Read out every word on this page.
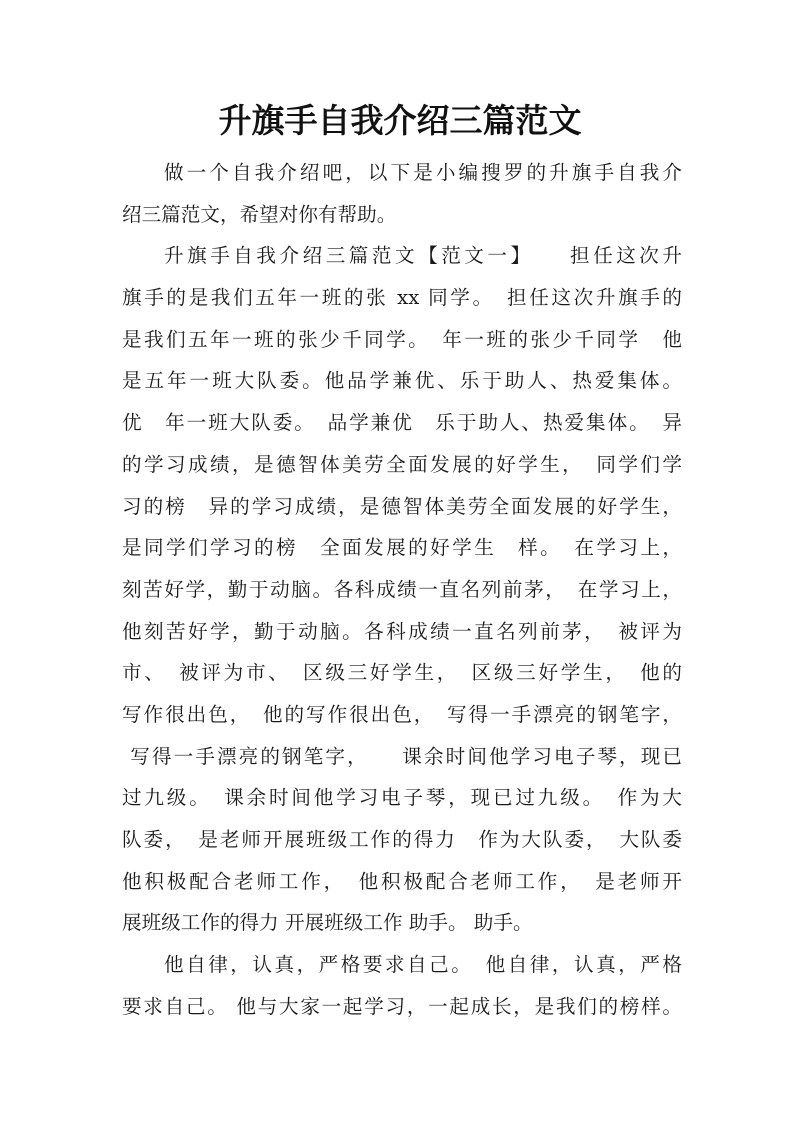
升旗手自我介绍三篇范文
做一个自我介绍吧，以下是小编搜罗的升旗手自我介
绍三篇范文，希望对你有帮助。
升旗手自我介绍三篇范文【范文一】　　担任这次升
旗手的是我们五年一班的张 xx 同学。　担任这次升旗手的
是我们五年一班的张少千同学。　年一班的张少千同学　他
是五年一班大队委。他品学兼优、乐于助人、热爱集体。
优　年一班大队委。　品学兼优　乐于助人、热爱集体。　异
的学习成绩，是德智体美劳全面发展的好学生，　同学们学
习的榜　异的学习成绩，是德智体美劳全面发展的好学生，
是同学们学习的榜　全面发展的好学生　样。　在学习上，
刻苦好学，勤于动脑。各科成绩一直名列前茅，　在学习上，
他刻苦好学，勤于动脑。各科成绩一直名列前茅，　被评为
市、　被评为市、　区级三好学生，　区级三好学生，　他的
写作很出色，　他的写作很出色，　写得一手漂亮的钢笔字，
写得一手漂亮的钢笔字，　　课余时间他学习电子琴，现已
过九级。　课余时间他学习电子琴，现已过九级。　作为大
队委，　是老师开展班级工作的得力　作为大队委，　大队委
他积极配合老师工作，　他积极配合老师工作，　是老师开
展班级工作的得力 开展班级工作 助手。 助手。
他自律，认真，严格要求自己。　他自律，认真，严格
要求自己。 他与大家一起学习，一起成长，是我们的榜样。
